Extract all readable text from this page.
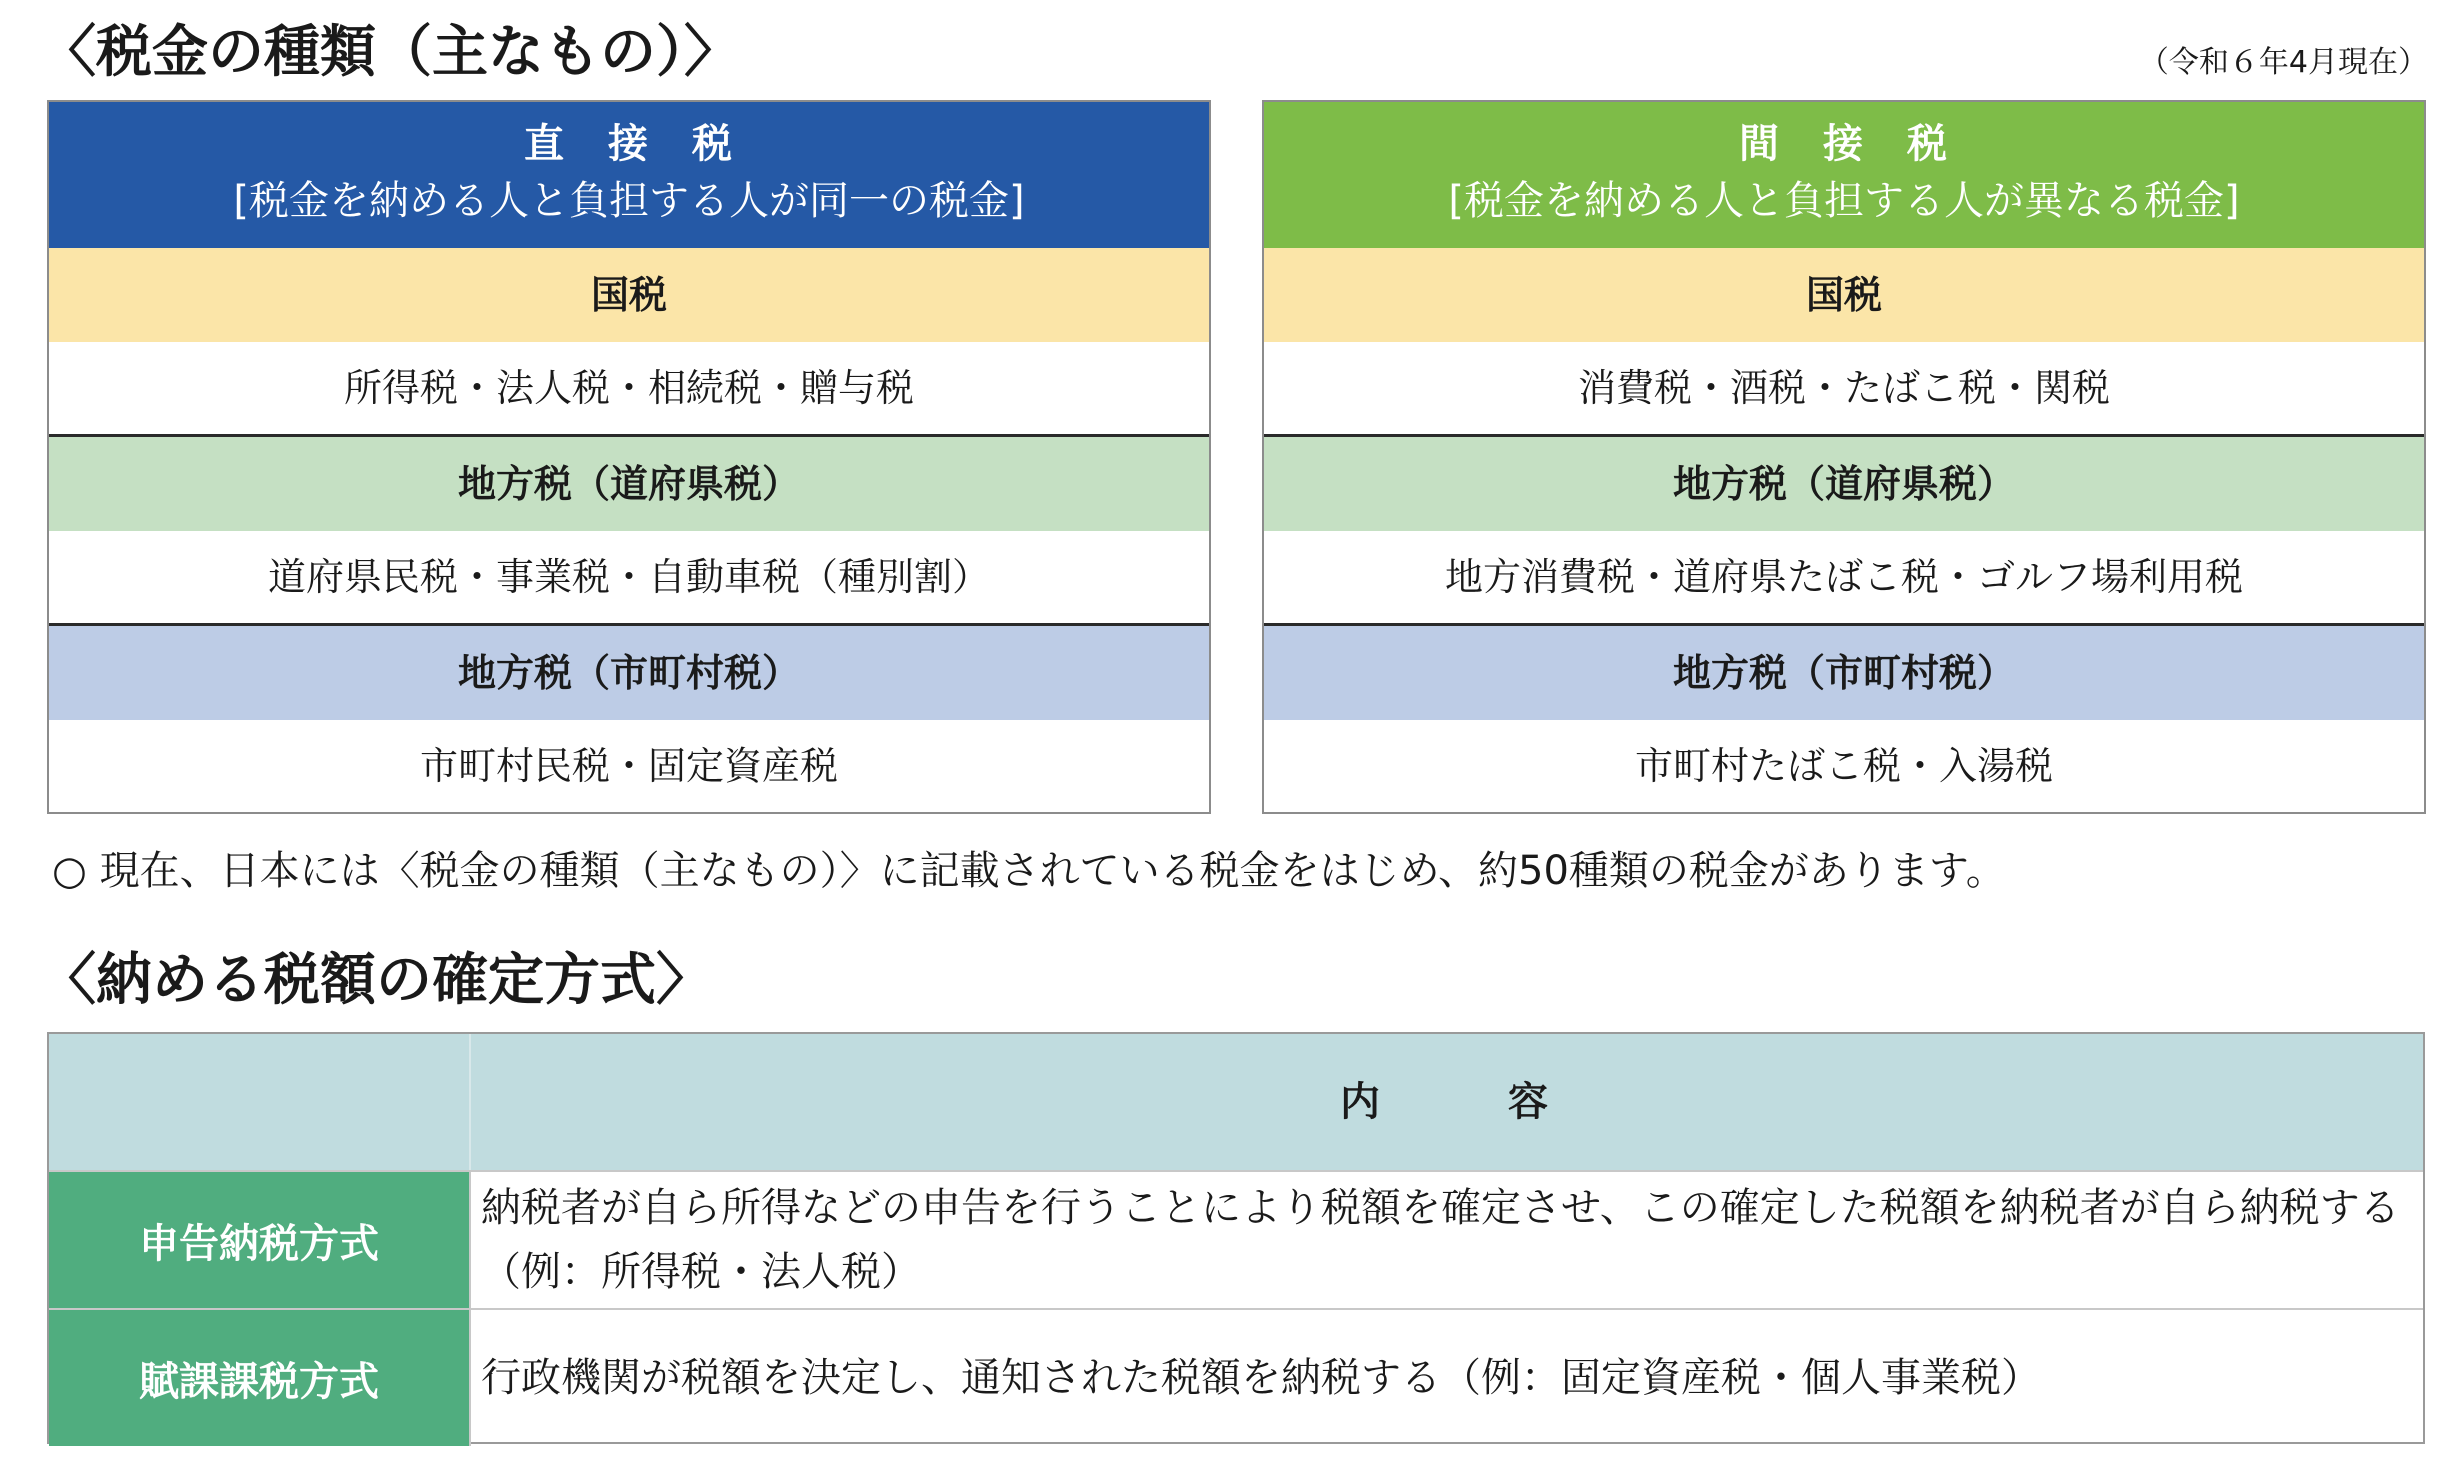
〈税金の種類（主なもの）〉	（令和６年4月現在）
直　接　税
[税金を納める人と負担する人が同一の税金]
国税
所得税・法人税・相続税・贈与税
地方税（道府県税）
道府県民税・事業税・自動車税（種別割）
地方税（市町村税）
市町村民税・固定資産税
間　接　税
[税金を納める人と負担する人が異なる税金]
国税
消費税・酒税・たばこ税・関税
地方税（道府県税）
地方消費税・道府県たばこ税・ゴルフ場利用税
地方税（市町村税）
市町村たばこ税・入湯税
○ 現在、日本には〈税金の種類（主なもの）〉に記載されている税金をはじめ、約50種類の税金があります。
〈納める税額の確定方式〉
内　　　容
申告納税方式
納税者が自ら所得などの申告を行うことにより税額を確定させ、この確定した税額を納税者が自ら納税する（例：所得税・法人税）
賦課課税方式	行政機関が税額を決定し、通知された税額を納税する（例：固定資産税・個人事業税）
